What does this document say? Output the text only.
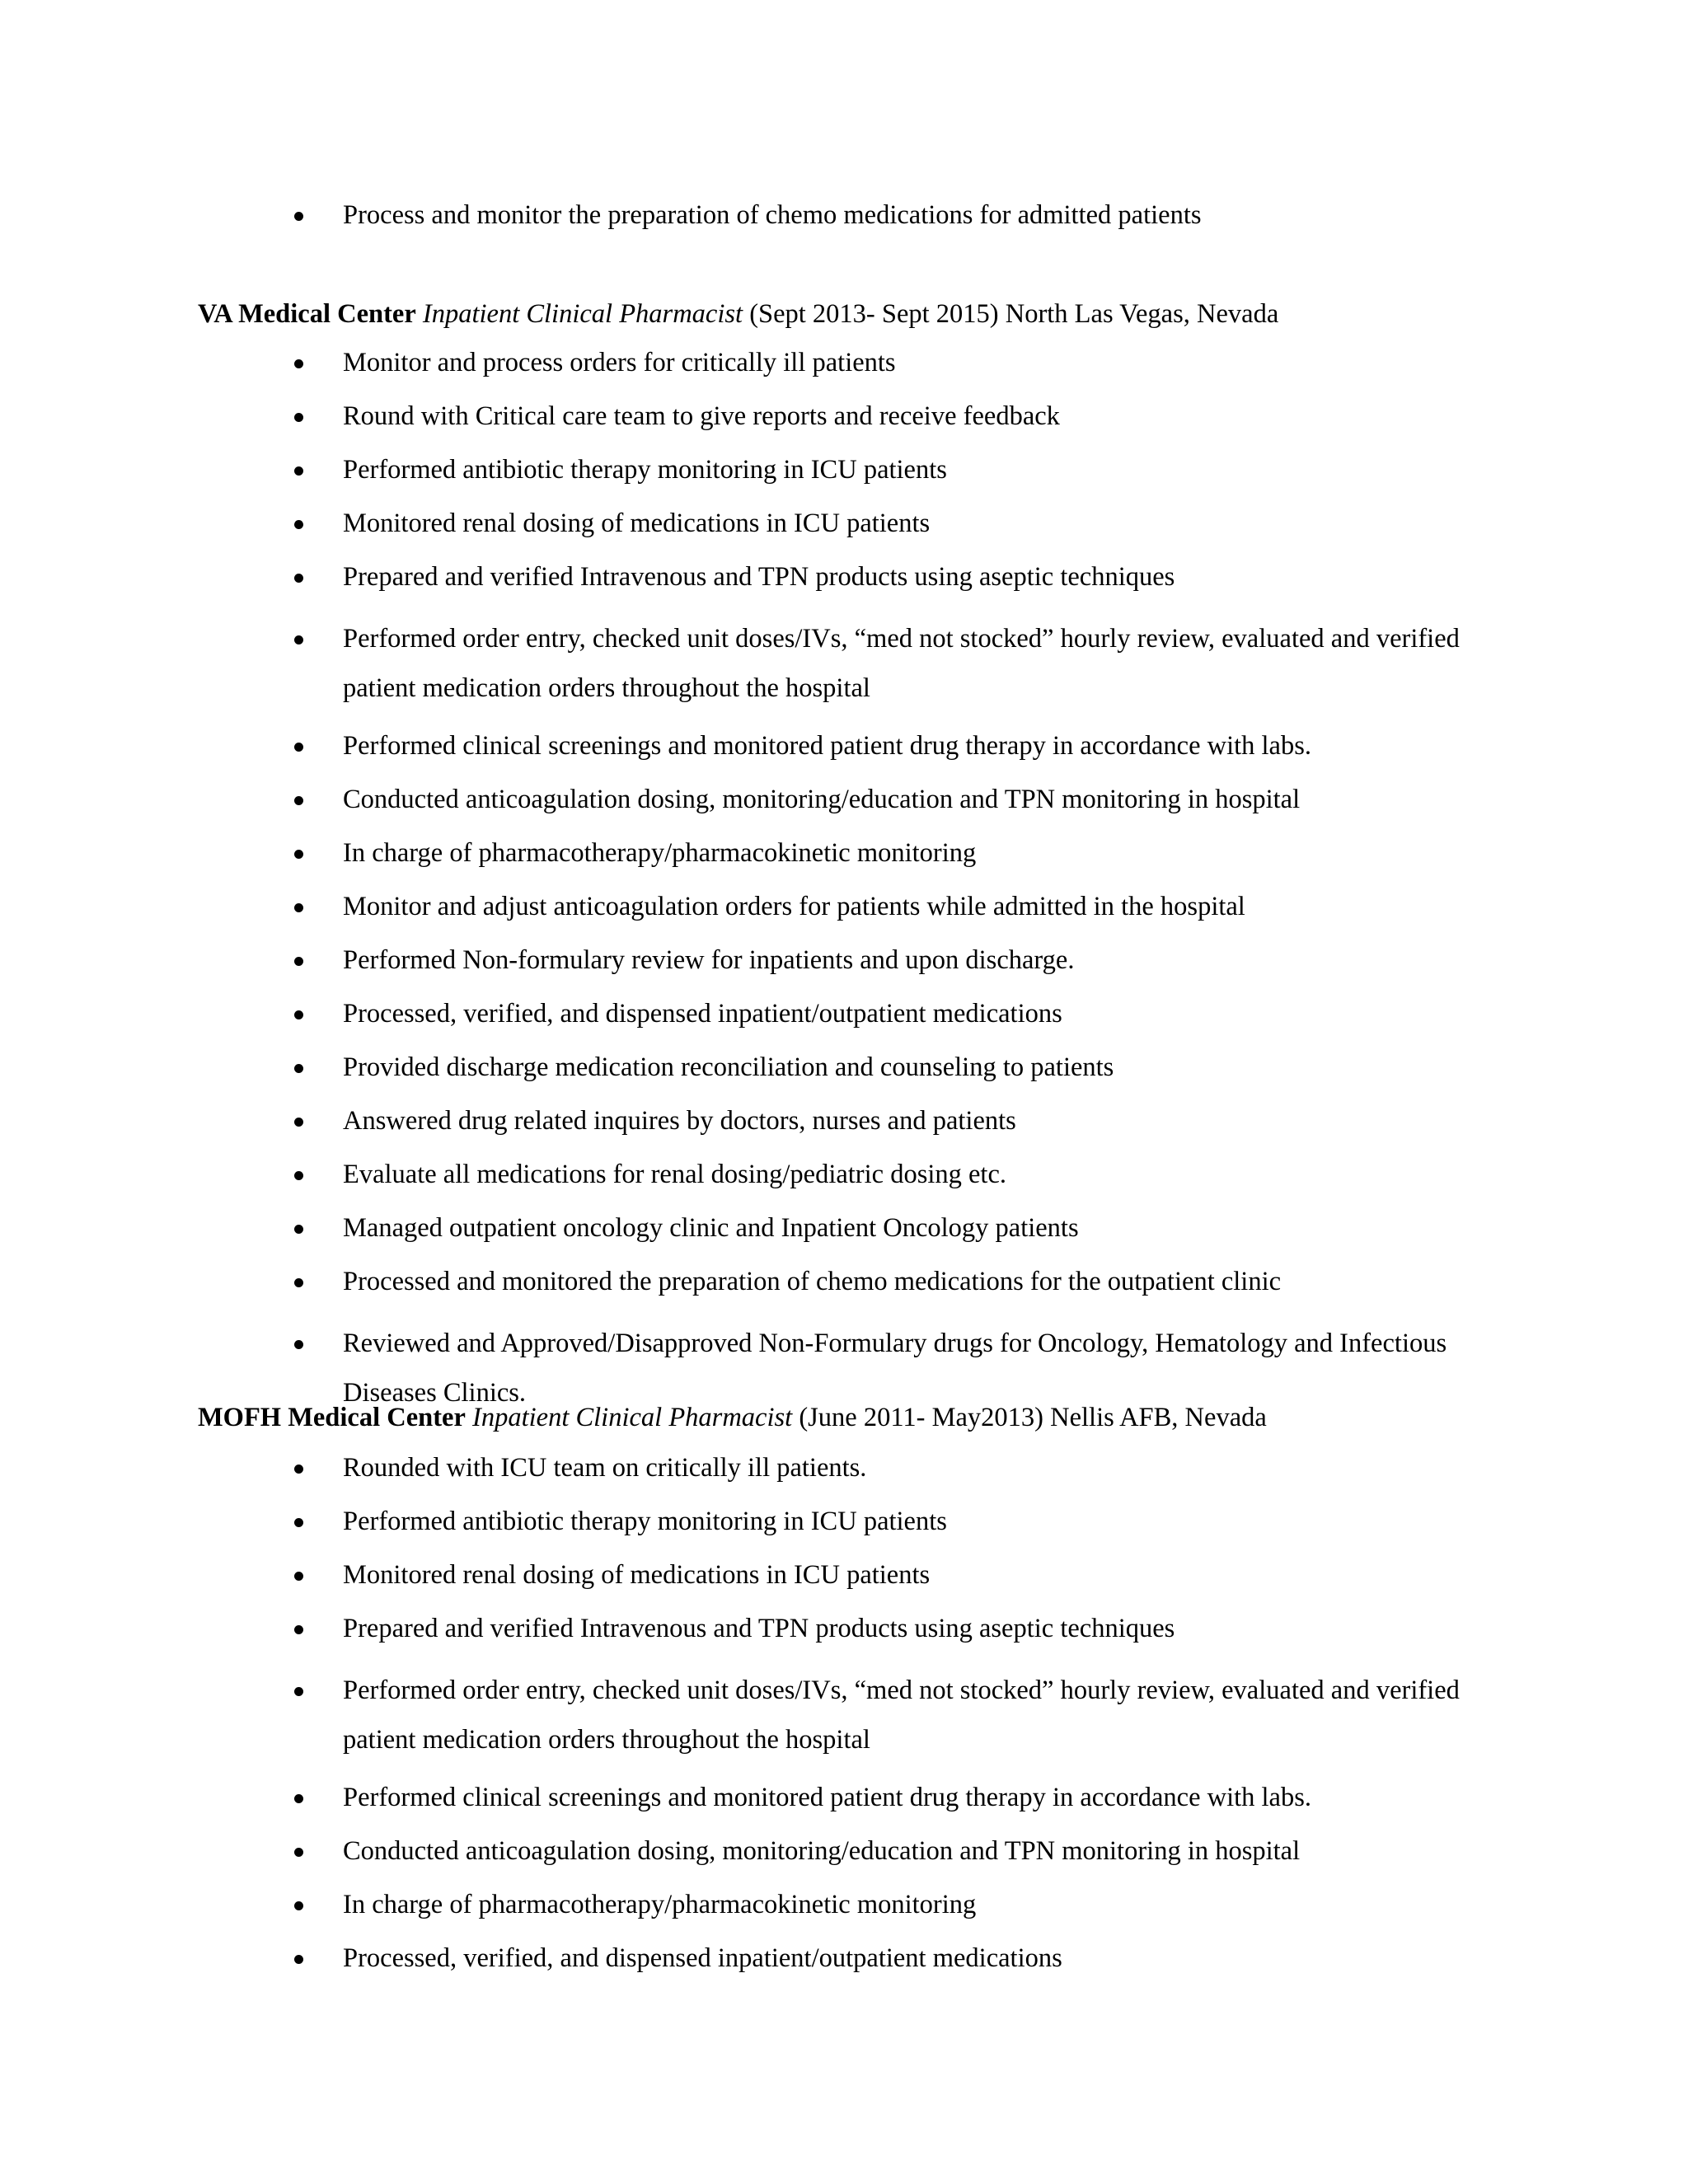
Process and monitor the preparation of chemo medications for admitted patients
VA Medical Center Inpatient Clinical Pharmacist (Sept 2013- Sept 2015) North Las Vegas, Nevada
Monitor and process orders for critically ill patients
Round with Critical care team to give reports and receive feedback
Performed antibiotic therapy monitoring in ICU patients
Monitored renal dosing of medications in ICU patients
Prepared and verified Intravenous and TPN products using aseptic techniques
Performed order entry, checked unit doses/IVs, “med not stocked” hourly review, evaluated and verified patient medication orders throughout the hospital
Performed clinical screenings and monitored patient drug therapy in accordance with labs.
Conducted anticoagulation dosing, monitoring/education and TPN monitoring in hospital
In charge of pharmacotherapy/pharmacokinetic monitoring
Monitor and adjust anticoagulation orders for patients while admitted in the hospital
Performed Non-formulary review for inpatients and upon discharge.
Processed, verified, and dispensed inpatient/outpatient medications
Provided discharge medication reconciliation and counseling to patients
Answered drug related inquires by doctors, nurses and patients
Evaluate all medications for renal dosing/pediatric dosing etc.
Managed outpatient oncology clinic and Inpatient Oncology patients
Processed and monitored the preparation of chemo medications for the outpatient clinic
Reviewed and Approved/Disapproved Non-Formulary drugs for Oncology, Hematology and Infectious Diseases Clinics.
MOFH Medical Center Inpatient Clinical Pharmacist (June 2011- May2013) Nellis AFB, Nevada
Rounded with ICU team on critically ill patients.
Performed antibiotic therapy monitoring in ICU patients
Monitored renal dosing of medications in ICU patients
Prepared and verified Intravenous and TPN products using aseptic techniques
Performed order entry, checked unit doses/IVs, “med not stocked” hourly review, evaluated and verified patient medication orders throughout the hospital
Performed clinical screenings and monitored patient drug therapy in accordance with labs.
Conducted anticoagulation dosing, monitoring/education and TPN monitoring in hospital
In charge of pharmacotherapy/pharmacokinetic monitoring
Processed, verified, and dispensed inpatient/outpatient medications
